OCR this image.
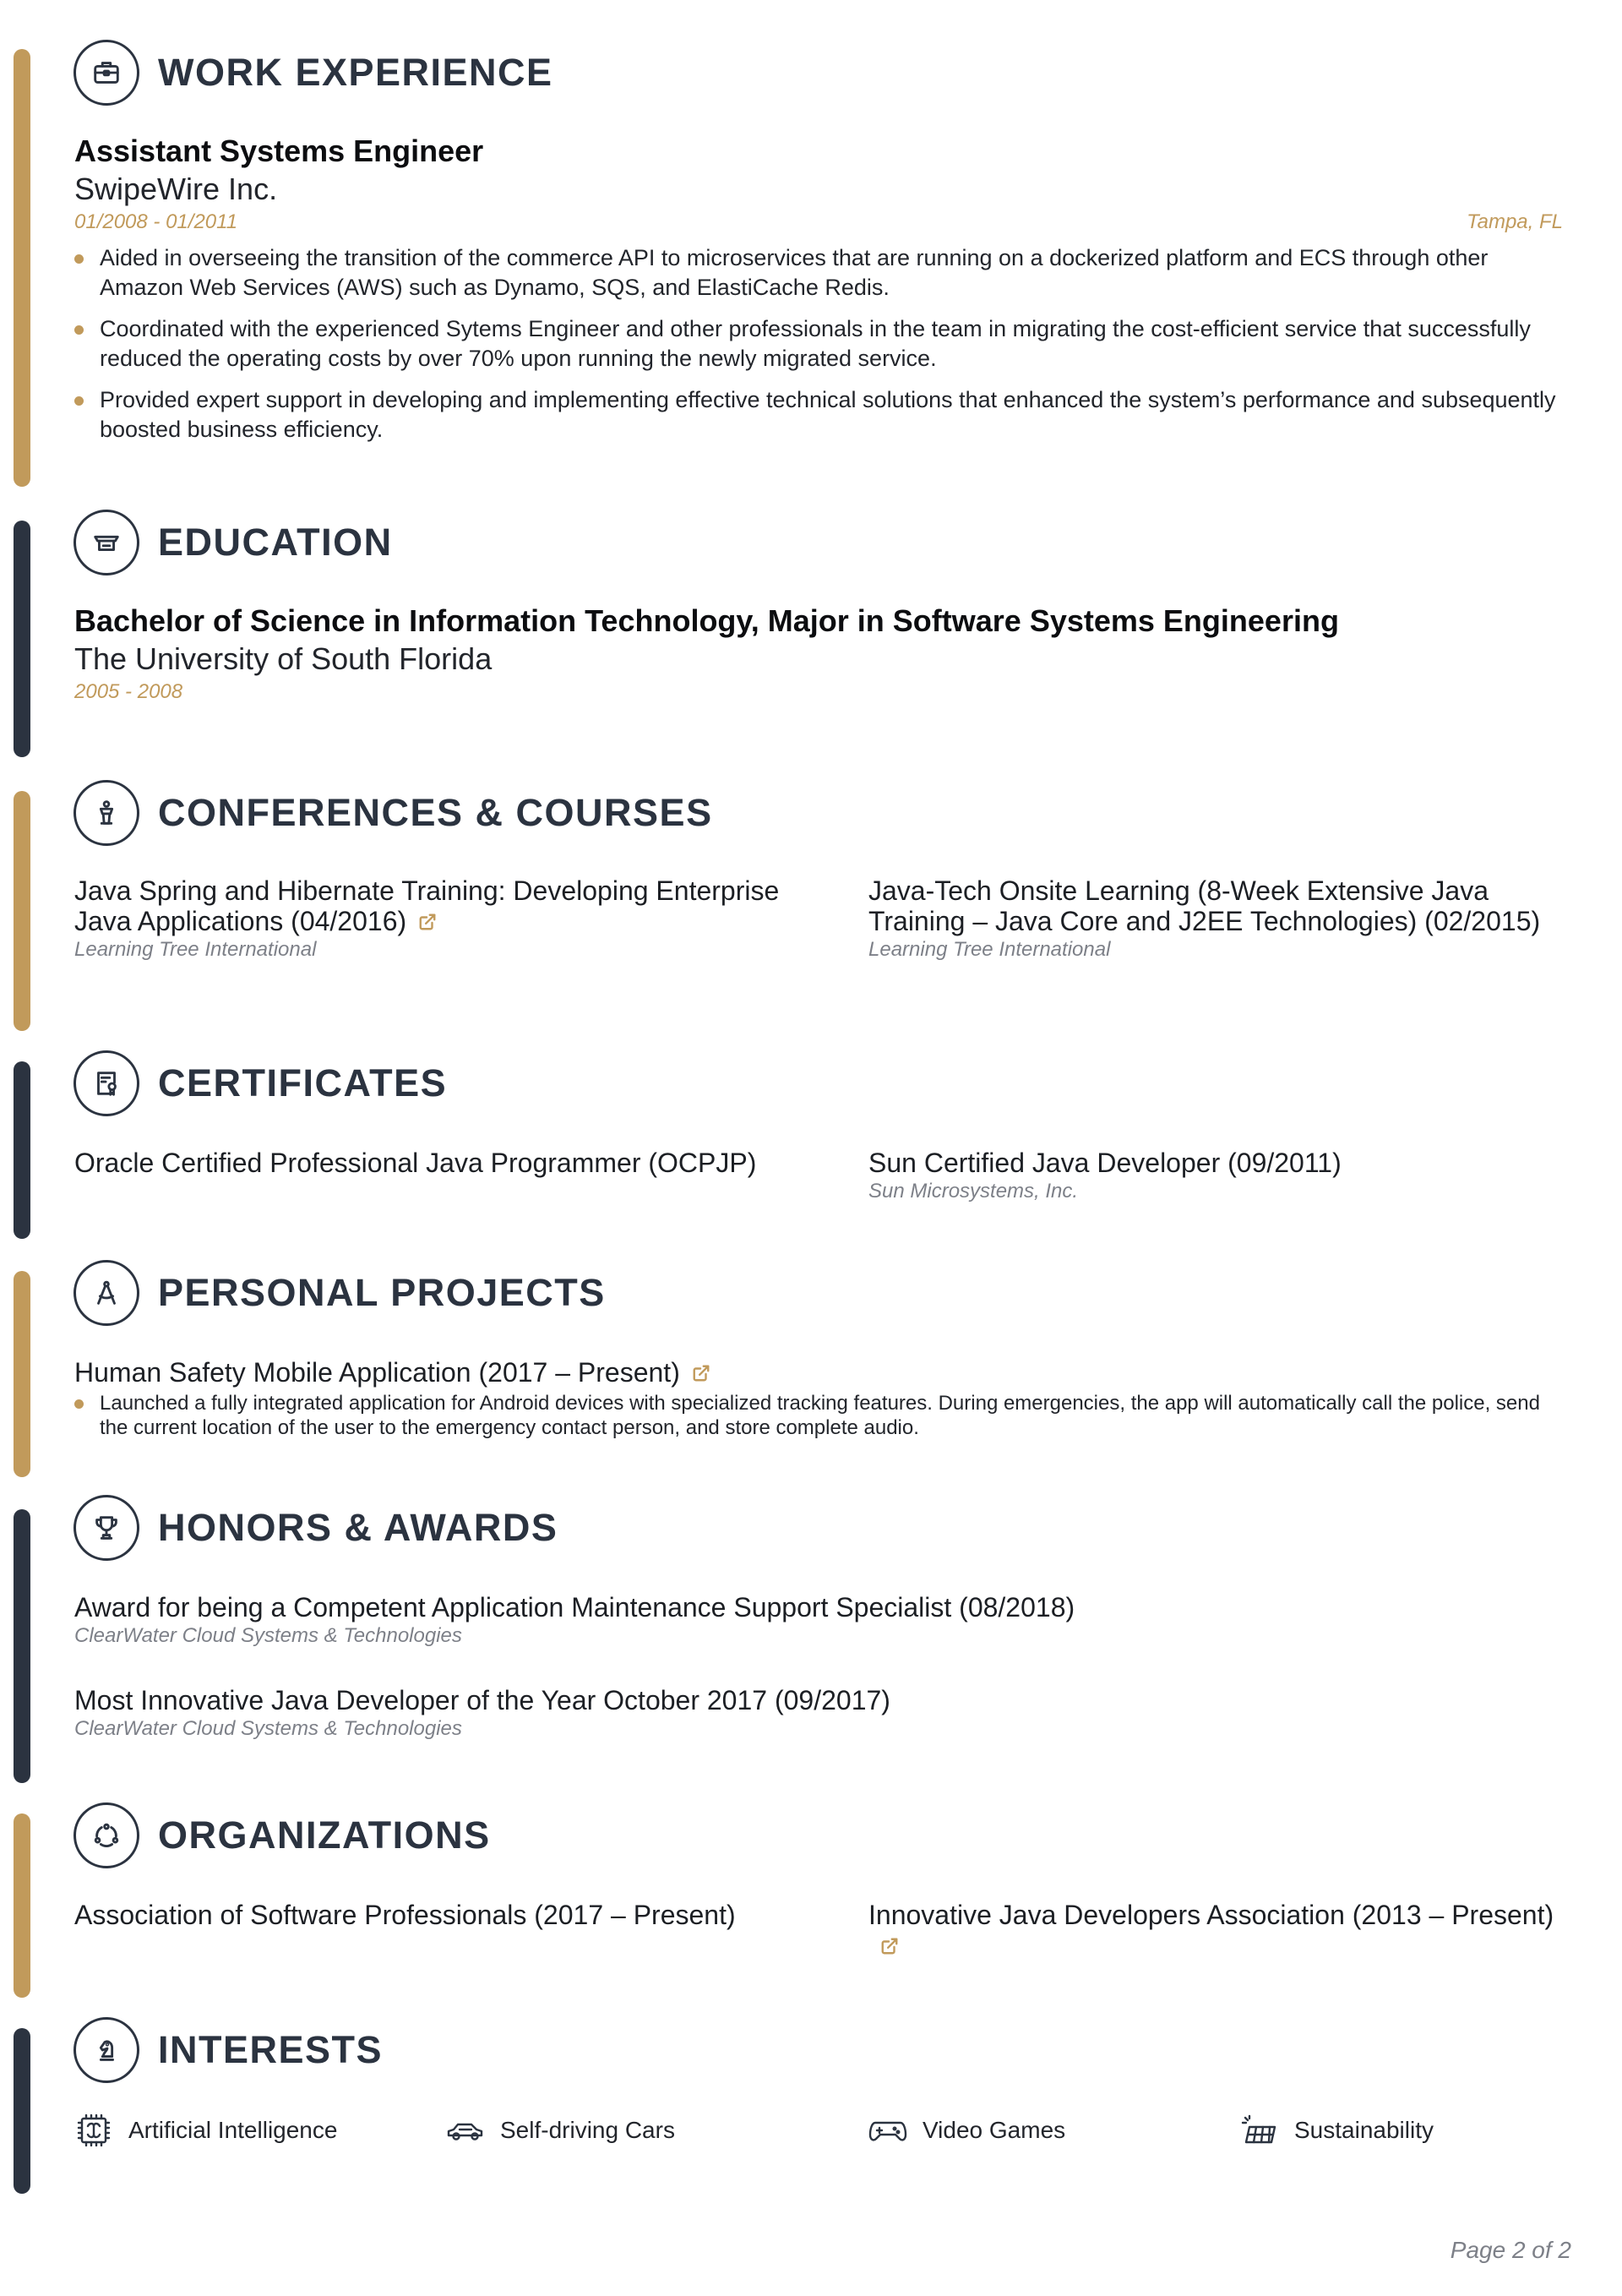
WORK EXPERIENCE
Assistant Systems Engineer
SwipeWire Inc.
01/2008 - 01/2011	Tampa, FL
Aided in overseeing the transition of the commerce API to microservices that are running on a dockerized platform and ECS through other Amazon Web Services (AWS) such as Dynamo, SQS, and ElastiCache Redis.
Coordinated with the experienced Sytems Engineer and other professionals in the team in migrating the cost-efficient service that successfully reduced the operating costs by over 70% upon running the newly migrated service.
Provided expert support in developing and implementing effective technical solutions that enhanced the system’s performance and subsequently boosted business efficiency.
EDUCATION
Bachelor of Science in Information Technology, Major in Software Systems Engineering
The University of South Florida
2005 - 2008
CONFERENCES & COURSES
Java Spring and Hibernate Training: Developing Enterprise Java Applications (04/2016)
Learning Tree International
Java-Tech Onsite Learning (8-Week Extensive Java Training – Java Core and J2EE Technologies) (02/2015)
Learning Tree International
CERTIFICATES
Oracle Certified Professional Java Programmer (OCPJP)	Sun Certified Java Developer (09/2011)
Sun Microsystems, Inc.
PERSONAL PROJECTS
Human Safety Mobile Application (2017 – Present)
Launched a fully integrated application for Android devices with specialized tracking features. During emergencies, the app will automatically call the police, send the current location of the user to the emergency contact person, and store complete audio.
HONORS & AWARDS
Award for being a Competent Application Maintenance Support Specialist (08/2018)
ClearWater Cloud Systems & Technologies
Most Innovative Java Developer of the Year October 2017 (09/2017)
ClearWater Cloud Systems & Technologies
ORGANIZATIONS
Association of Software Professionals (2017 – Present)	Innovative Java Developers Association (2013 – Present)
INTERESTS
Artificial Intelligence	Self-driving Cars	Video Games	Sustainability
Page 2 of 2
